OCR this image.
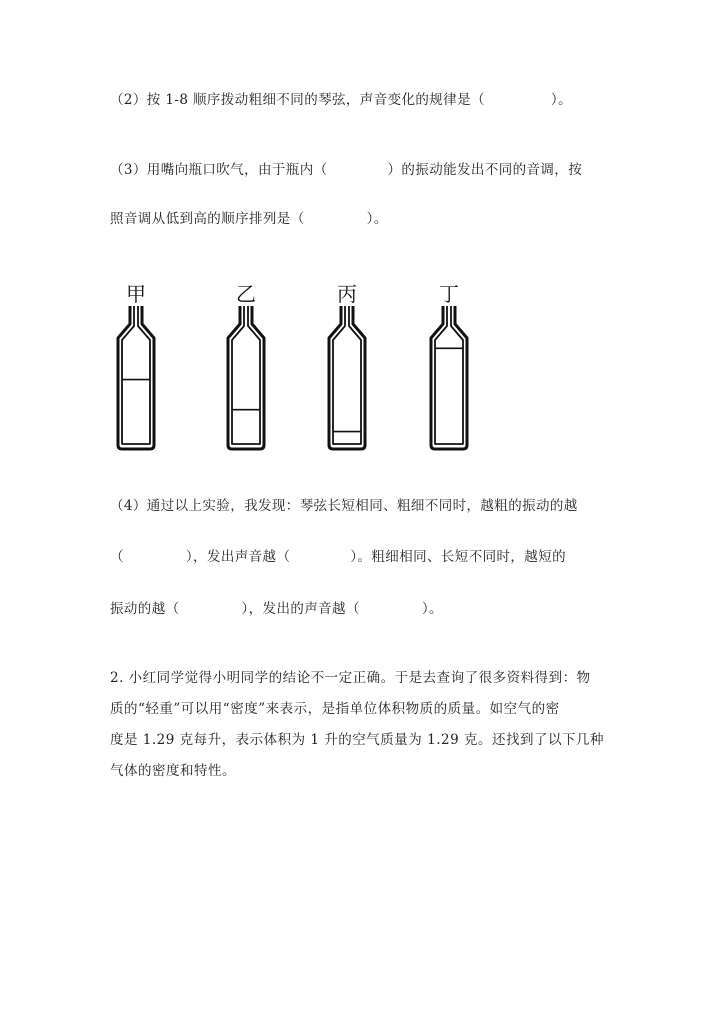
（2）按 1-8 顺序拨动粗细不同的琴弦，声音变化的规律是（	）。
（3）用嘴向瓶口吹气，由于瓶内（	）的振动能发出不同的音调，按
照音调从低到高的顺序排列是（	）。
甲	乙	丙	丁
（4）通过以上实验，我发现：琴弦长短相同、粗细不同时，越粗的振动的越
（	），发出声音越（	）。粗细相同、长短不同时，越短的
振动的越（	），发出的声音越（	）。
2. 小红同学觉得小明同学的结论不一定正确。于是去查询了很多资料得到：物
质的“轻重”可以用“密度”来表示，是指单位体积物质的质量。如空气的密
度是 1.29 克每升，表示体积为 1 升的空气质量为 1.29 克。还找到了以下几种
气体的密度和特性。
